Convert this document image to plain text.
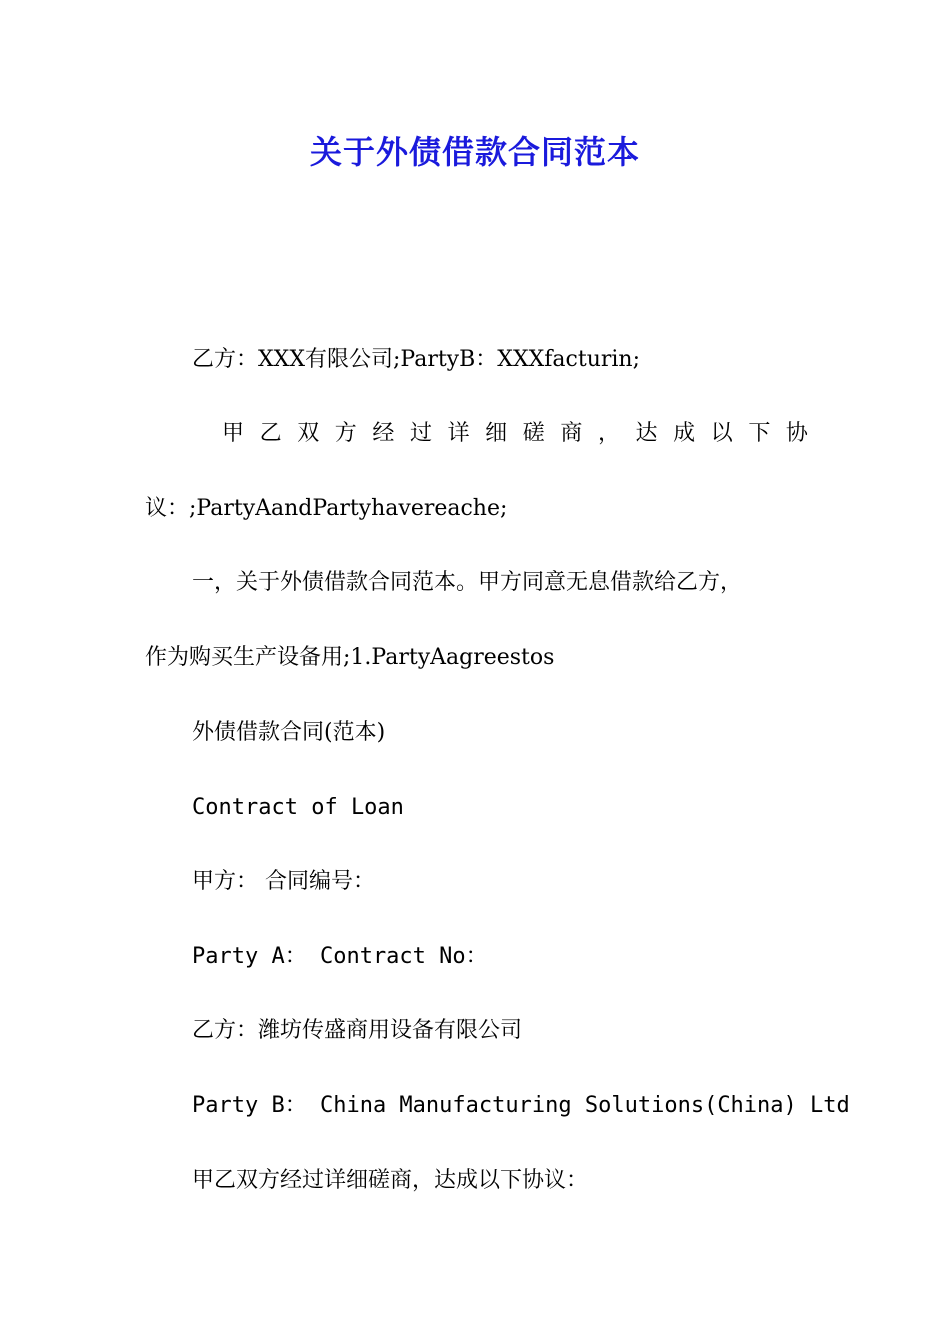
关于外债借款合同范本
乙方：XXX有限公司;PartyB：XXXfacturin;
甲 乙 双 方 经 过 详 细 磋 商 ， 达 成 以 下 协
议：;PartyAandPartyhavereache;
一，关于外债借款合同范本。甲方同意无息借款给乙方，
作为购买生产设备用;1.PartyAagreestos
外债借款合同(范本)
Contract of Loan
甲方： 合同编号：
Party A： Contract No：
乙方：潍坊传盛商用设备有限公司
Party B： China Manufacturing Solutions(China) Ltd
甲乙双方经过详细磋商，达成以下协议：
